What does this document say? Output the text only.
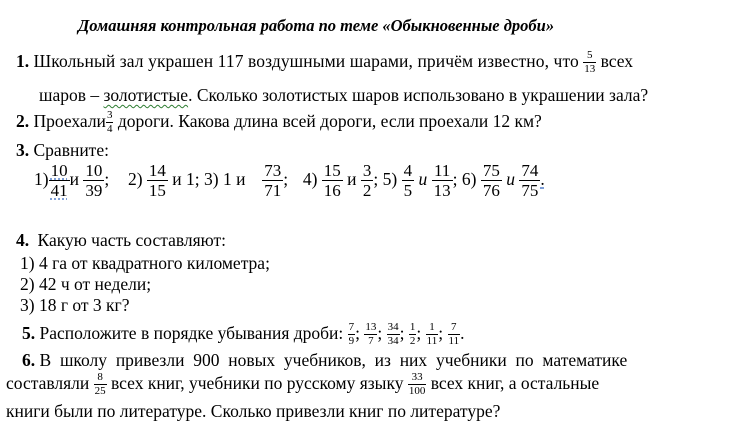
Домашняя контрольная работа по теме «Обыкновенные дроби»
1. Школьный зал украшен 117 воздушными шарами, причём известно, что $\frac{5}{13}$ всех
шаров – золотистые. Сколько золотистых шаров использовано в украшении зала?
2. Проехали $\frac{3}{4}$ дороги. Какова длина всей дороги, если проехали 12 км?
3. Сравните:
$1) \frac{10}{41}$ и $\frac{10}{39}$ ; $2) \frac{14}{15}$ и 1; 3) 1 и $\frac{73}{71}$ ; $4) \frac{15}{16}$ и $\frac{3}{2}$ ; $5) \frac{4}{5}$ и $\frac{11}{13}$ ; $6) \frac{75}{76}$ и $\frac{74}{75}$ .
4. Какую часть составляют:
1) 4 га от квадратного километра;
2) 42 ч от недели;
3) 18 г от 3 кг?
5. Расположите в порядке убывания дроби: $\frac{7}{9}$ ; $\frac{13}{7}$ ; $\frac{34}{34}$ ; $\frac{1}{2}$ ; $\frac{1}{11}$ ; $\frac{7}{11}$ .
6. В школу привезли 900 новых учебников, из них учебники по математике
составляли $\frac{8}{25}$ всех книг, учебники по русскому языку $\frac{33}{100}$ всех книг, а остальные
книги были по литературе. Сколько привезли книг по литературе?
